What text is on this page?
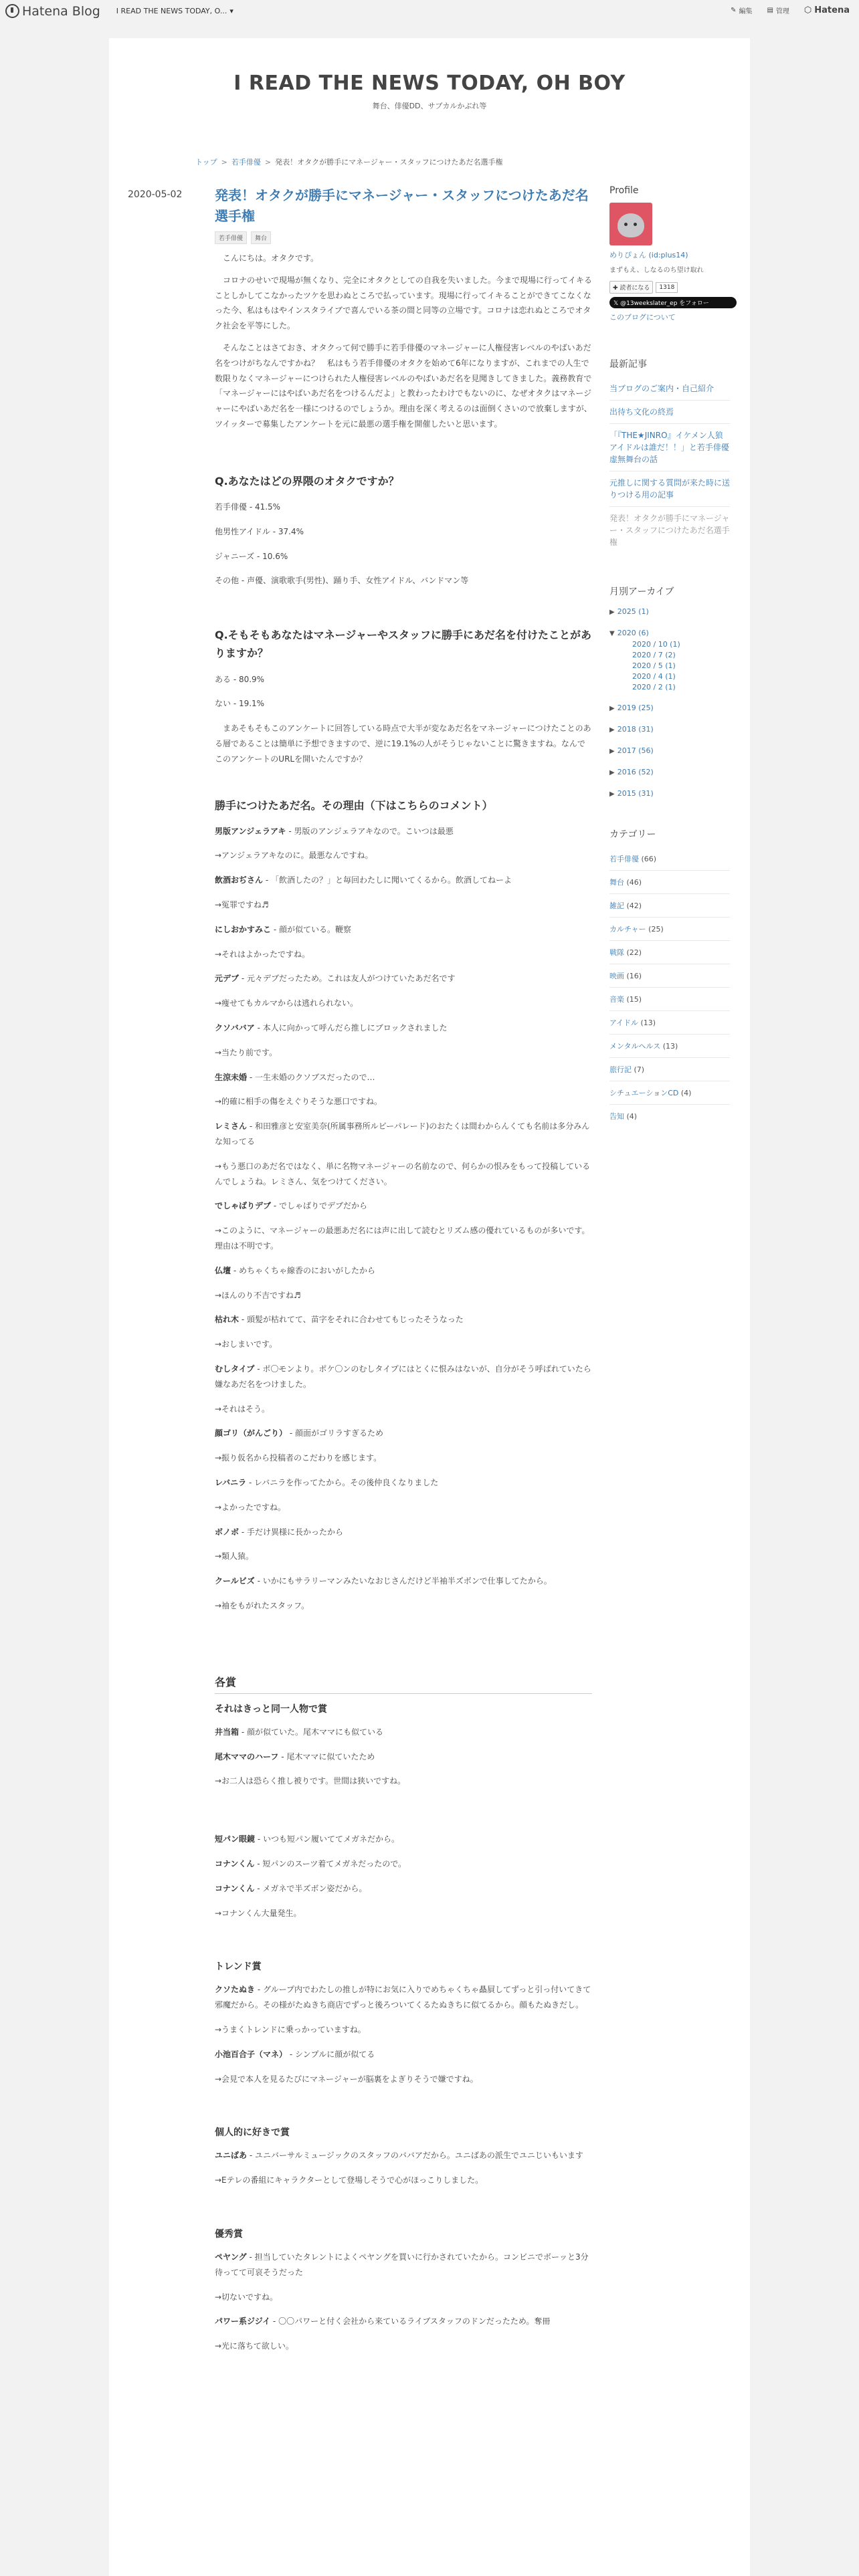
Hatena Blog I READ THE NEWS TODAY, O... ▾	✎ 編集 ▤ 管理 ⬡ Hatena
I READ THE NEWS TODAY, OH BOY
舞台、俳優DD、サブカルかぶれ等
トップ > 若手俳優 > 発表！オタクが勝手にマネージャー・スタッフにつけたあだ名選手権
2020-05-02 発表！オタクが勝手にマネージャー・スタッフにつけたあだ名選手権
若手俳優	舞台

こんにちは。オタクです。

コロナのせいで現場が無くなり、完全にオタクとしての自我を失いました。今まで現場に行ってイキることしかしてこなかったツケを思わぬところで払っています。現場に行ってイキることができてこなくなった今、私はもはやインスタライブで喜んでいる茶の間と同等の立場です。コロナは恋れぬところでオタク社会を平等にした。

そんなことはさておき、オタクって何で勝手に若手俳優のマネージャーに人権侵害レベルのやばいあだ名をつけがちなんですかね？　私はもう若手俳優のオタクを始めて6年になりますが、これまでの人生で数限りなくマネージャーにつけられた人権侵害レベルのやばいあだ名を見聞きしてきました。義務教育で「マネージャーにはやばいあだ名をつけるんだよ」と教わったわけでもないのに、なぜオタクはマネージャーにやばいあだ名を一様につけるのでしょうか。理由を深く考えるのは面倒くさいので放棄しますが、ツイッターで募集したアンケートを元に最悪の選手権を開催したいと思います。

Q.あなたはどの界隈のオタクですか？
若手俳優 - 41.5%
他男性アイドル - 37.4%
ジャニーズ - 10.6%
その他 - 声優、演歌歌手(男性)、踊り手、女性アイドル、バンドマン等
Q.そもそもあなたはマネージャーやスタッフに勝手にあだ名を付けたことがありますか？
ある - 80.9%
ない - 19.1%

まあそもそもこのアンケートに回答している時点で大半が変なあだ名をマネージャーにつけたことのある層であることは簡単に予想できますので、逆に19.1%の人がそうじゃないことに驚きますね。なんでこのアンケートのURLを開いたんですか？

勝手につけたあだ名。その理由（下はこちらのコメント）
男版アンジェラアキ - 男版のアンジェラアキなので。こいつは最悪
→アンジェラアキなのに。最悪なんですね。
飲酒おぢさん - 「飲酒したの？」と毎回わたしに聞いてくるから。飲酒してねーよ
→冤罪ですね♬
にしおかすみこ - 顔が似ている。鞭察
→それはよかったですね。
元デブ - 元々デブだったため。これは友人がつけていたあだ名です
→痩せてもカルマからは逃れられない。
クソババア - 本人に向かって呼んだら推しにブロックされました
→当たり前です。
生涼未婚 - 一生未婚のクソブスだったので…
→的確に相手の傷をえぐりそうな悪口ですね。
レミさん - 和田雅彦と安室美奈(所属事務所ルビーパレード)のおたくは間わからんくても名前は多分みんな知ってる
→もう悪口のあだ名ではなく、単に名物マネージャーの名前なので、何らかの恨みをもって投稿しているんでしょうね。レミさん、気をつけてください。
でしゃばりデブ - でしゃばりでデブだから
→このように、マネージャーの最悪あだ名には声に出して読むとリズム感の優れているものが多いです。理由は不明です。
仏壇 - めちゃくちゃ線香のにおいがしたから
→ほんのり不吉ですね♬
枯れ木 - 頭髪が枯れてて、苗字をそれに合わせてもじったそうなった
→おしまいです。
むしタイプ - ポ〇モンより。ポケ〇ンのむしタイプにはとくに恨みはないが、自分がそう呼ばれていたら嫌なあだ名をつけました。
→それはそう。
顔ゴリ（がんごり） - 顔面がゴリラすぎるため
→振り仮名から投稿者のこだわりを感じます。
レバニラ - レバニラを作ってたから。その後仲良くなりました
→よかったですね。
ボノボ - 手だけ異様に長かったから
→類人猿。
クールビズ - いかにもサラリーマンみたいなおじさんだけど半袖半ズボンで仕事してたから。
→袖をもがれたスタッフ。
各賞
それはきっと同一人物で賞
井当箱 - 顔が似ていた。尾木ママにも似ている
尾木ママのハーフ - 尾木ママに似ていたため
→お二人は恐らく推し被りです。世間は狭いですね。
短パン眼鏡 - いつも短パン履いててメガネだから。
コナンくん - 短パンのスーツ着てメガネだったので。
コナンくん - メガネで半ズボン姿だから。
→コナンくん大量発生。
トレンド賞
クソたぬき - グループ内でわたしの推しが特にお気に入りでめちゃくちゃ贔屓してずっと引っ付いてきて邪魔だから。その様がたぬきち商店でずっと後ろついてくるたぬきちに似てるから。顔もたぬきだし。
→うまくトレンドに乗っかっていますね。
小池百合子（マネ） - シンプルに顔が似てる
→会見で本人を見るたびにマネージャーが脳裏をよぎりそうで嫌ですね。
個人的に好きで賞
ユニばあ - ユニバーサルミュージックのスタッフのババアだから。ユニばあの派生でユニじいもいます
→Eテレの番組にキャラクターとして登場しそうで心がほっこりしました。
優秀賞
ペヤング - 担当していたタレントによくペヤングを買いに行かされていたから。コンビニでボーッと3分待ってて可哀そうだった
→切ないですね。
パワー系ジジイ - 〇〇パワーと付く会社から来ているライブスタッフのドンだったため。奪冊
→光に落ちて欲しい。
Profile
めりぴょん (id:plus14)
まずもえ、しなるのち望け取れ
✚ 読者になる	1318
𝕏 @13weekslater_ep をフォロー
このブログについて
最新記事
当ブログのご案内・自己紹介
出待ち文化の終焉
「『THE★JINRO』イケメン人狼アイドルは誰だ！！」と若手俳優虚無舞台の話
元推しに関する質問が来た時に送りつける用の記事
発表！オタクが勝手にマネージャー・スタッフにつけたあだ名選手権
月別アーカイブ
▶ 2025 (1)
▼ 2020 (6)
2020 / 10 (1)
2020 / 7 (2)
2020 / 5 (1)
2020 / 4 (1)
2020 / 2 (1)
▶ 2019 (25)
▶ 2018 (31)
▶ 2017 (56)
▶ 2016 (52)
▶ 2015 (31)
カテゴリー
若手俳優 (66)
舞台 (46)
雑記 (42)
カルチャー (25)
戦隊 (22)
映画 (16)
音楽 (15)
アイドル (13)
メンタルヘルス (13)
旅行記 (7)
シチュエーションCD (4)
告知 (4)
